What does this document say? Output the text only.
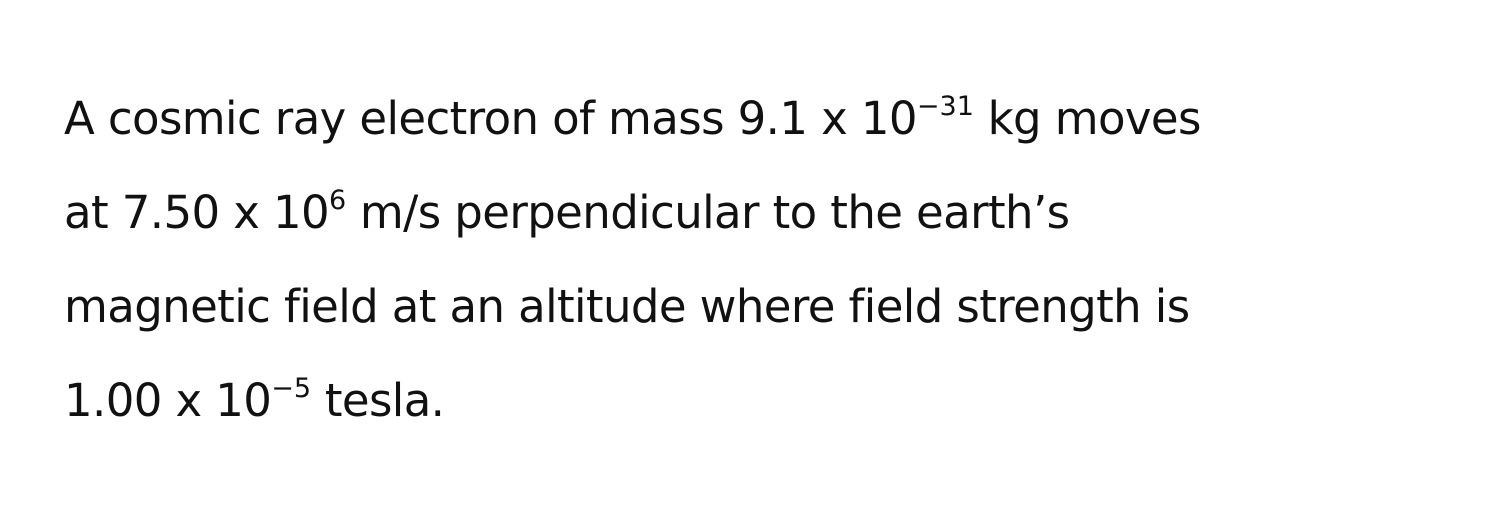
A cosmic ray electron of mass 9.1 x $10^{-31}$ kg moves
at 7.50 x $10^6$ m/s perpendicular to the earth’s
magnetic field at an altitude where field strength is
1.00 x $10^{-5}$ tesla.
